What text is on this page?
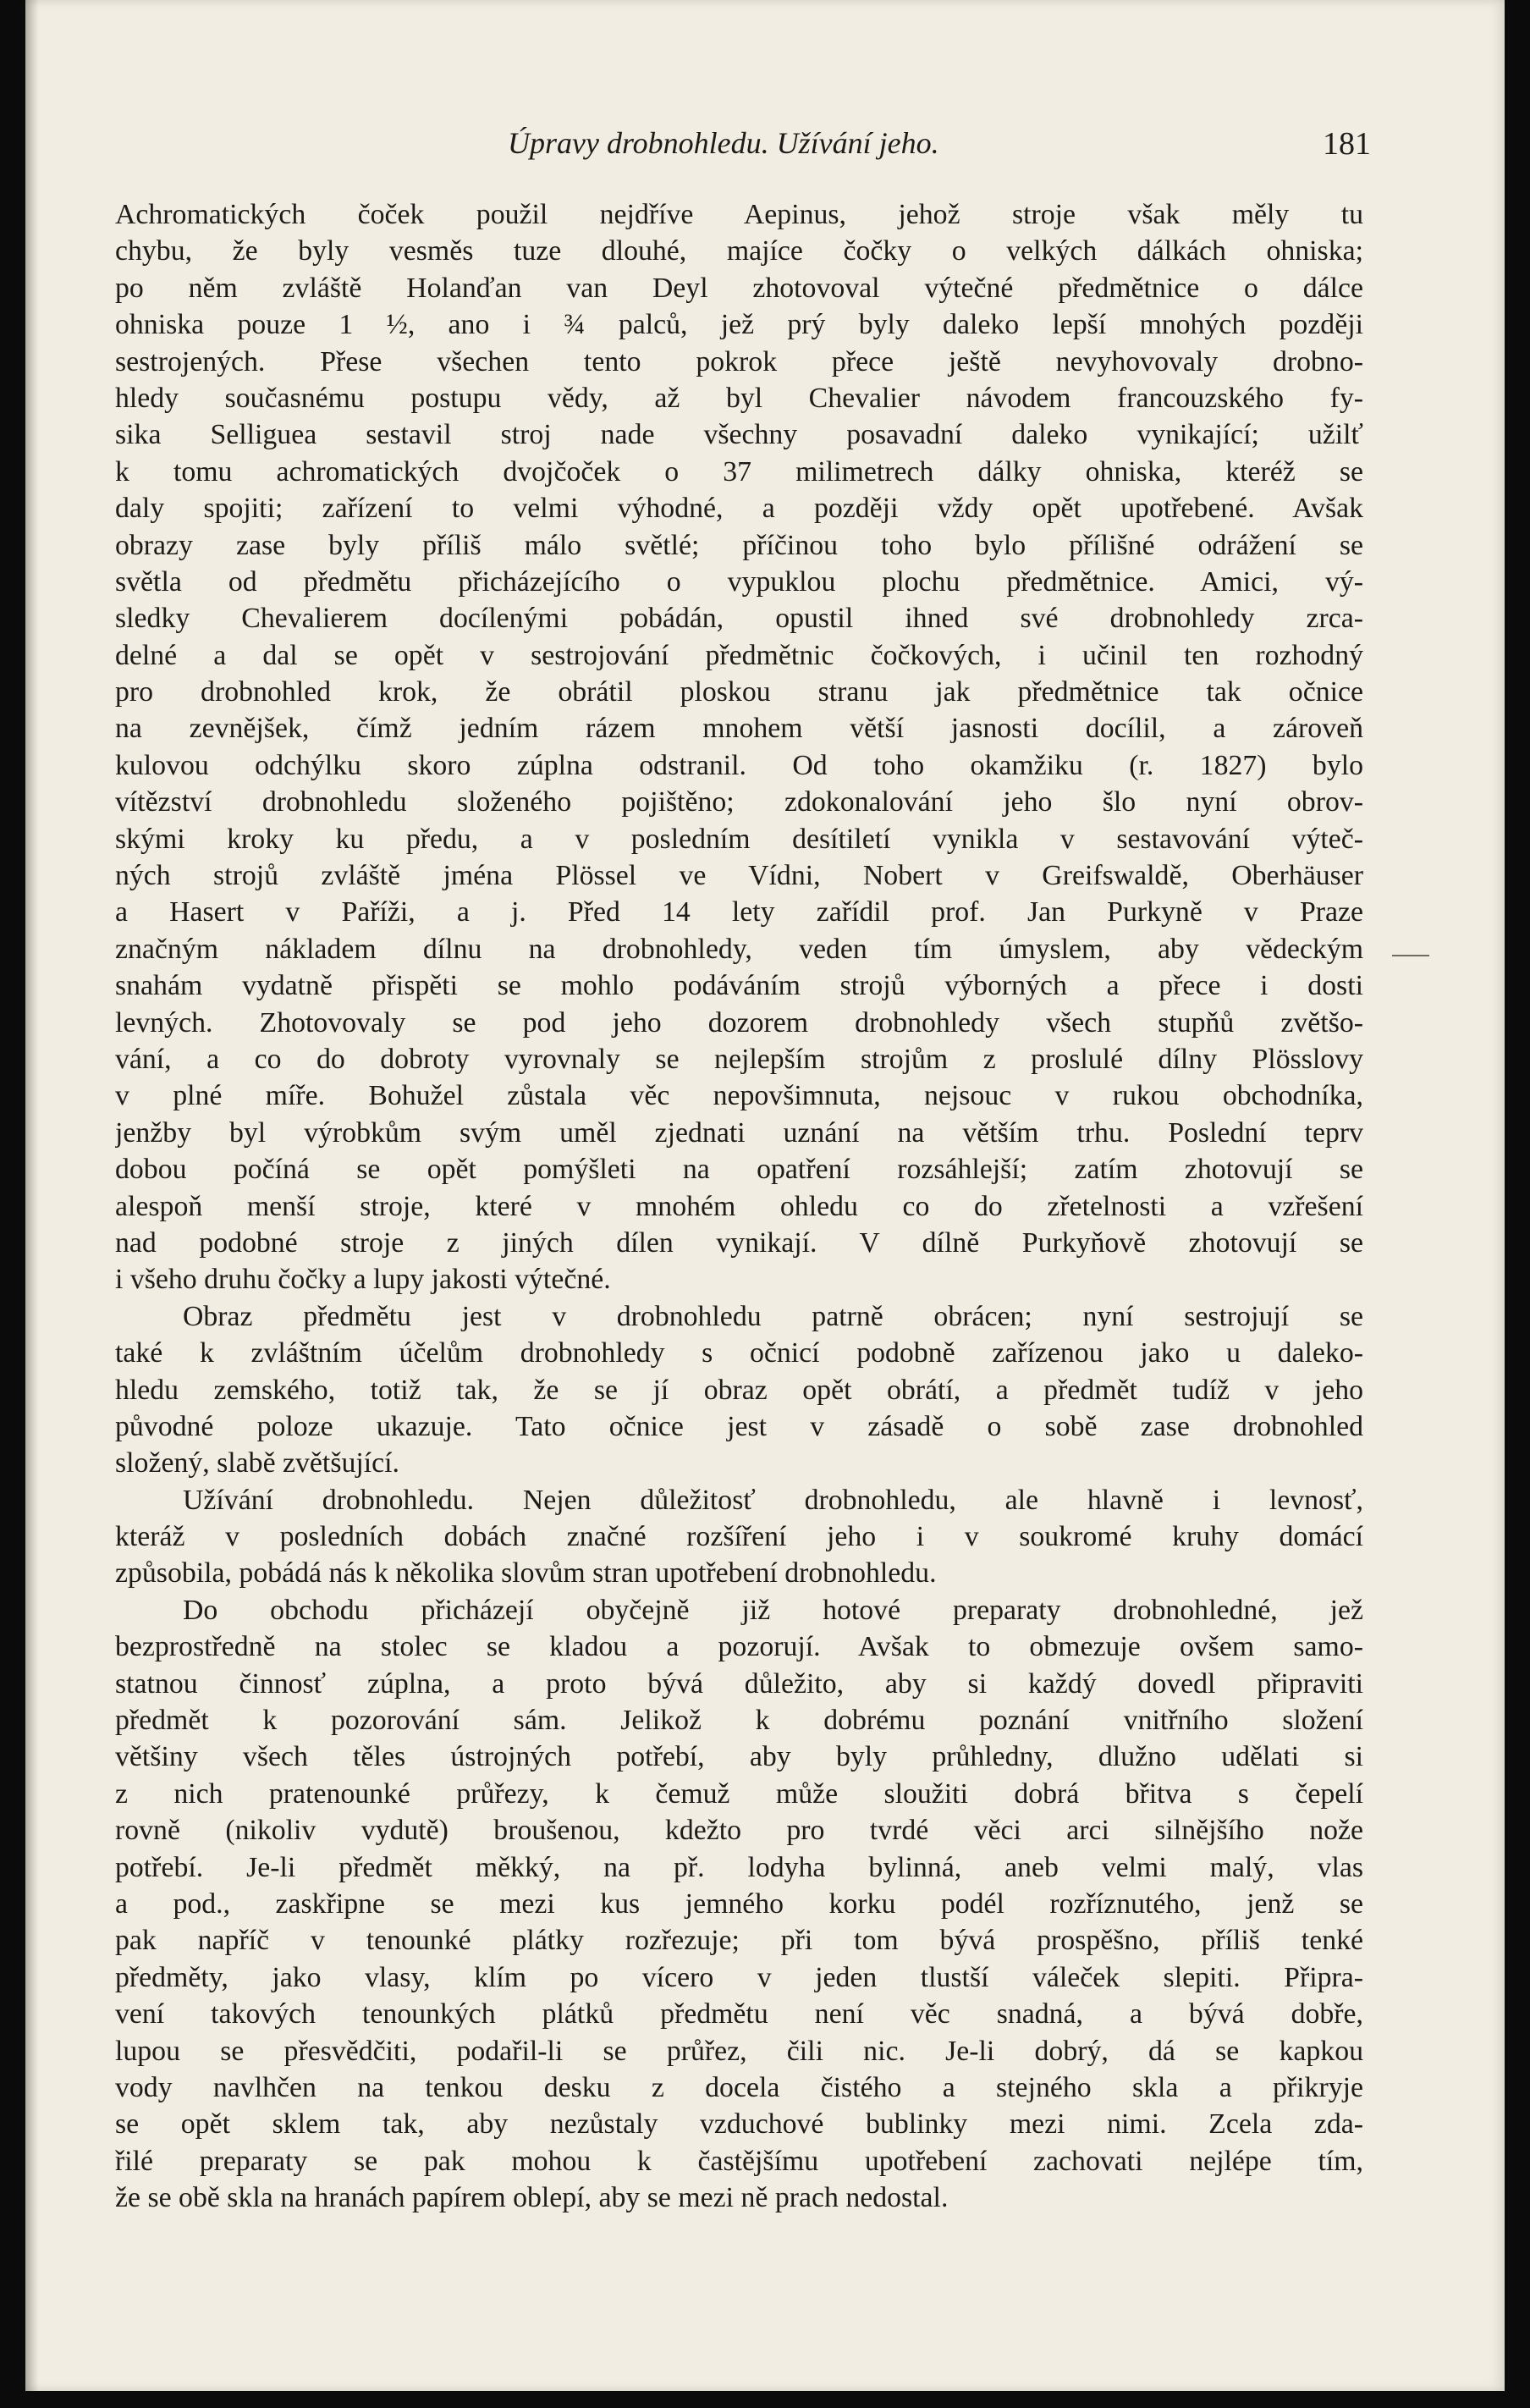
Úpravy drobnohledu. Užívání jeho.	181
Achromatických čoček použil nejdříve Aepinus, jehož stroje však měly tu
chybu, že byly vesměs tuze dlouhé, majíce čočky o velkých dálkách ohniska;
po něm zvláště Holanďan van Deyl zhotovoval výtečné předmětnice o dálce
ohniska pouze 1 ½, ano i ¾ palců, jež prý byly daleko lepší mnohých později
sestrojených. Přese všechen tento pokrok přece ještě nevyhovovaly drobno-
hledy současnému postupu vědy, až byl Chevalier návodem francouzského fy-
sika Selliguea sestavil stroj nade všechny posavadní daleko vynikající; užilť
k tomu achromatických dvojčoček o 37 milimetrech dálky ohniska, kteréž se
daly spojiti; zařízení to velmi výhodné, a později vždy opět upotřebené. Avšak
obrazy zase byly příliš málo světlé; příčinou toho bylo přílišné odrážení se
světla od předmětu přicházejícího o vypuklou plochu předmětnice. Amici, vý-
sledky Chevalierem docílenými pobádán, opustil ihned své drobnohledy zrca-
delné a dal se opět v sestrojování předmětnic čočkových, i učinil ten rozhodný
pro drobnohled krok, že obrátil ploskou stranu jak předmětnice tak očnice
na zevnějšek, čímž jedním rázem mnohem větší jasnosti docílil, a zároveň
kulovou odchýlku skoro zúplna odstranil. Od toho okamžiku (r. 1827) bylo
vítězství drobnohledu složeného pojištěno; zdokonalování jeho šlo nyní obrov-
skými kroky ku předu, a v posledním desítiletí vynikla v sestavování výteč-
ných strojů zvláště jména Plössel ve Vídni, Nobert v Greifswaldě, Oberhäuser
a Hasert v Paříži, a j. Před 14 lety zařídil prof. Jan Purkyně v Praze
značným nákladem dílnu na drobnohledy, veden tím úmyslem, aby vědeckým
snahám vydatně přispěti se mohlo podáváním strojů výborných a přece i dosti
levných. Zhotovovaly se pod jeho dozorem drobnohledy všech stupňů zvětšo-
vání, a co do dobroty vyrovnaly se nejlepším strojům z proslulé dílny Plösslovy
v plné míře. Bohužel zůstala věc nepovšimnuta, nejsouc v rukou obchodníka,
jenžby byl výrobkům svým uměl zjednati uznání na větším trhu. Poslední teprv
dobou počíná se opět pomýšleti na opatření rozsáhlejší; zatím zhotovují se
alespoň menší stroje, které v mnohém ohledu co do zřetelnosti a vzřešení
nad podobné stroje z jiných dílen vynikají. V dílně Purkyňově zhotovují se
i všeho druhu čočky a lupy jakosti výtečné.
Obraz předmětu jest v drobnohledu patrně obrácen; nyní sestrojují se
také k zvláštním účelům drobnohledy s očnicí podobně zařízenou jako u daleko-
hledu zemského, totiž tak, že se jí obraz opět obrátí, a předmět tudíž v jeho
původné poloze ukazuje. Tato očnice jest v zásadě o sobě zase drobnohled
složený, slabě zvětšující.
Užívání drobnohledu. Nejen důležitosť drobnohledu, ale hlavně i levnosť,
kteráž v posledních dobách značné rozšíření jeho i v soukromé kruhy domácí
způsobila, pobádá nás k několika slovům stran upotřebení drobnohledu.
Do obchodu přicházejí obyčejně již hotové preparaty drobnohledné, jež
bezprostředně na stolec se kladou a pozorují. Avšak to obmezuje ovšem samo-
statnou činnosť zúplna, a proto bývá důležito, aby si každý dovedl připraviti
předmět k pozorování sám. Jelikož k dobrému poznání vnitřního složení
většiny všech těles ústrojných potřebí, aby byly průhledny, dlužno udělati si
z nich pratenounké průřezy, k čemuž může sloužiti dobrá břitva s čepelí
rovně (nikoliv vydutě) broušenou, kdežto pro tvrdé věci arci silnějšího nože
potřebí. Je-li předmět měkký, na př. lodyha bylinná, aneb velmi malý, vlas
a pod., zaskřipne se mezi kus jemného korku podél rozříznutého, jenž se
pak napříč v tenounké plátky rozřezuje; při tom bývá prospěšno, příliš tenké
předměty, jako vlasy, klím po vícero v jeden tlustší váleček slepiti. Připra-
vení takových tenounkých plátků předmětu není věc snadná, a bývá dobře,
lupou se přesvědčiti, podařil-li se průřez, čili nic. Je-li dobrý, dá se kapkou
vody navlhčen na tenkou desku z docela čistého a stejného skla a přikryje
se opět sklem tak, aby nezůstaly vzduchové bublinky mezi nimi. Zcela zda-
řilé preparaty se pak mohou k častějšímu upotřebení zachovati nejlépe tím,
že se obě skla na hranách papírem oblepí, aby se mezi ně prach nedostal.
